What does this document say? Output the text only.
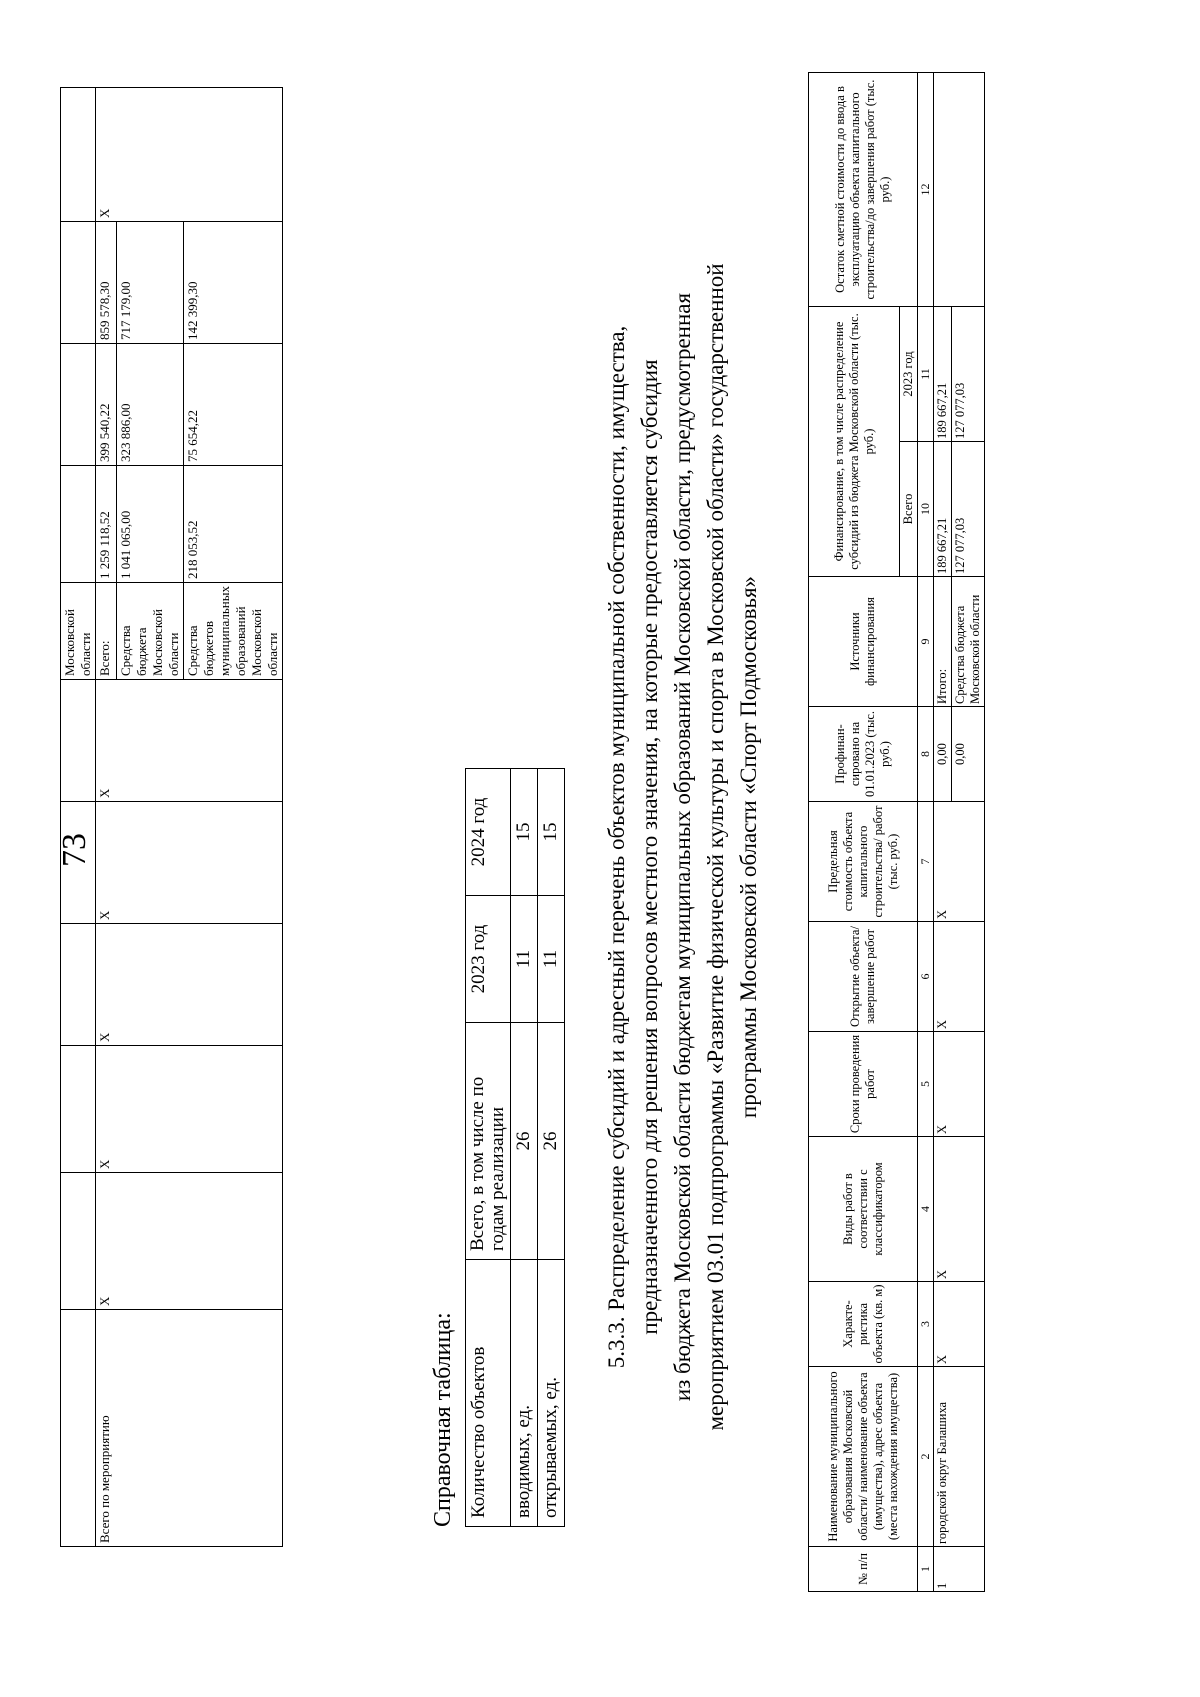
73
						Московской области				
Всего по мероприятию	Х	Х	Х	Х	Х	Всего:	1 259 118,52	399 540,22	859 578,30	Х
						Средства бюджета Московской области	1 041 065,00	323 886,00	717 179,00	
						Средства бюджетов муниципальных образований Московской области	218 053,52	75 654,22	142 399,30	
Справочная таблица: Количество объектов	Всего, в том числе по годам реализации	2023 год	2024 год
вводимых, ед.	26	11	15
открываемых, ед.	26	11	15 5.3.3. Распределение субсидий и адресный перечень объектов муниципальной собственности, имущества, предназначенного для решения вопросов местного значения, на которые предоставляется субсидия из бюджета Московской области бюджетам муниципальных образований Московской области, предусмотренная мероприятием 03.01 подпрограммы «Развитие физической культуры и спорта в Московской области» государственной программы Московской области «Спорт Подмосковья»
№ п/п	Наименование муниципального образования Московской области/ наименование объекта (имущества), адрес объекта (места нахождения имущества)	Характе-ристика объекта (кв. м)	Виды работ в соответствии с классификатором	Сроки проведения работ	Открытие объекта/ завершение работ	Предельная стоимость объекта капитального строительства/ работ (тыс. руб.)	Профинан-сировано на 01.01.2023 (тыс. руб.)	Источники финансирования	Финансирование, в том числе распределение субсидий из бюджета Московской области (тыс. руб.)		Остаток сметной стоимости до ввода в эксплуатацию объекта капитального строительства/до завершения работ (тыс. руб.)
									Всего	2023 год	
1	2	3	4	5	6	7	8	9	10	11	12
1	городской округ Балашиха	Х	Х	Х	Х	Х	0,00	Итого:	189 667,21	189 667,21	
							0,00	Средства бюджета Московской области	127 077,03	127 077,03	
